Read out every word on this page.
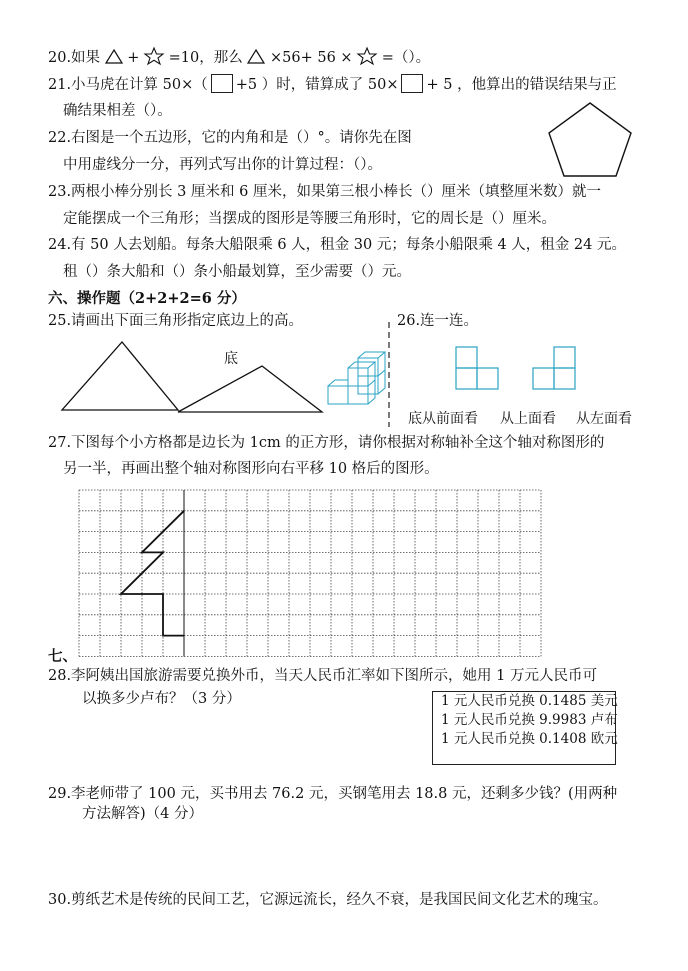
20.如果 + =10，那么 ×56+ 56 × =（）。
21.小马虎在计算 50×（ +5 ）时，错算成了 50× + 5 ，他算出的错误结果与正
确结果相差（）。
22.右图是一个五边形，它的内角和是（）°。请你先在图
中用虚线分一分，再列式写出你的计算过程：（）。
23.两根小棒分别长 3 厘米和 6 厘米，如果第三根小棒长（）厘米（填整厘米数）就一
定能摆成一个三角形；当摆成的图形是等腰三角形时，它的周长是（）厘米。
24.有 50 人去划船。每条大船限乘 6 人，租金 30 元；每条小船限乘 4 人，租金 24 元。
租（）条大船和（）条小船最划算，至少需要（）元。
六、操作题（2+2+2=6 分）
25.请画出下面三角形指定底边上的高。	26.连一连。
底
底从前面看 从上面看 从左面看
27.下图每个小方格都是边长为 1cm 的正方形，请你根据对称轴补全这个轴对称图形的
另一半，再画出整个轴对称图形向右平移 10 格后的图形。
七、
28.李阿姨出国旅游需要兑换外币，当天人民币汇率如下图所示，她用 1 万元人民币可
以换多少卢布？（3 分）	1 元人民币兑换 0.1485 美元
1 元人民币兑换 9.9983 卢布
1 元人民币兑换 0.1408 欧元
29.李老师带了 100 元，买书用去 76.2 元，买钢笔用去 18.8 元，还剩多少钱？(用两种
方法解答)（4 分）
30.剪纸艺术是传统的民间工艺，它源远流长，经久不衰，是我国民间文化艺术的瑰宝。
